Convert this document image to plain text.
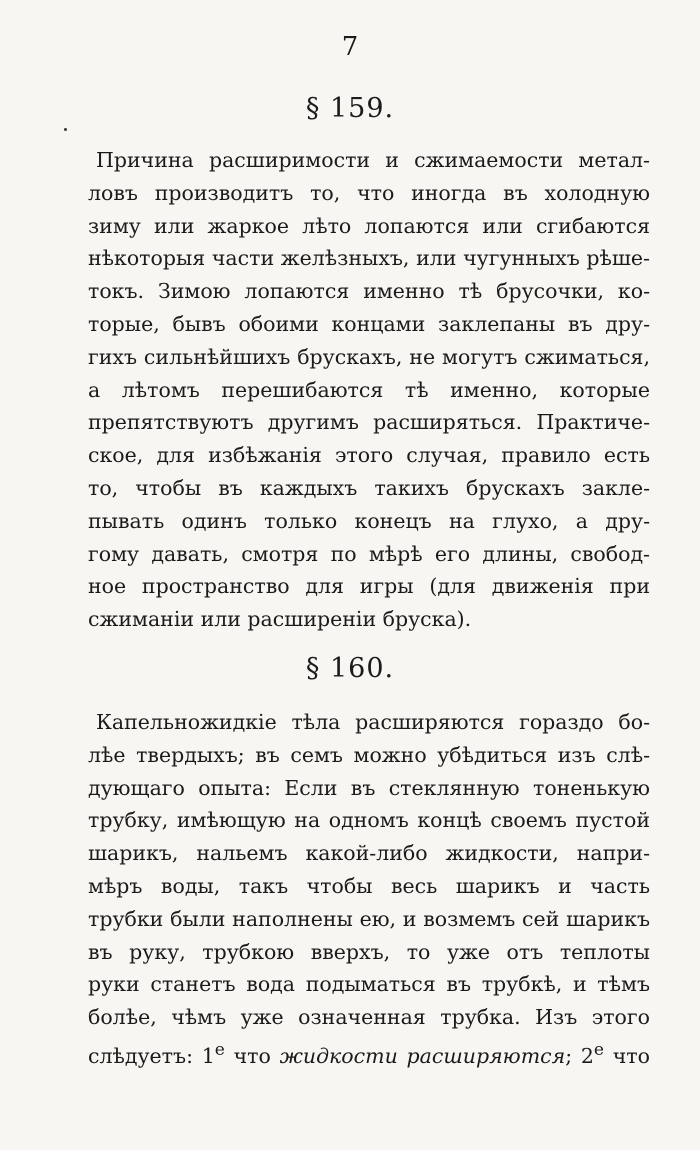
7
§ 159.
Причина расширимости и сжимаемости метал-
ловъ производитъ то, что иногда въ холодную
зиму или жаркое лѣто лопаются или сгибаются
нѣкоторыя части желѣзныхъ, или чугунныхъ рѣше-
токъ. Зимою лопаются именно тѣ брусочки, ко-
торые, бывъ обоими концами заклепаны въ дру-
гихъ сильнѣйшихъ брускахъ, не могутъ сжиматься,
а лѣтомъ перешибаются тѣ именно, которые
препятствуютъ другимъ расширяться. Практиче-
ское, для избѣжанія этого случая, правило есть
то, чтобы въ каждыхъ такихъ брускахъ закле-
пывать одинъ только конецъ на глухо, а дру-
гому давать, смотря по мѣрѣ его длины, свобод-
ное пространство для игры (для движенія при
сжиманіи или расширеніи бруска).
§ 160.
Капельножидкіе тѣла расширяются гораздо бо-
лѣе твердыхъ; въ семъ можно убѣдиться изъ слѣ-
дующаго опыта: Если въ стеклянную тоненькую
трубку, имѣющую на одномъ концѣ своемъ пустой
шарикъ, нальемъ какой-либо жидкости, напри-
мѣръ воды, такъ чтобы весь шарикъ и часть
трубки были наполнены ею, и возмемъ сей шарикъ
въ руку, трубкою вверхъ, то уже отъ теплоты
руки станетъ вода подыматься въ трубкѣ, и тѣмъ
болѣе, чѣмъ уже означенная трубка. Изъ этого
слѣдуетъ: $1^е$ что жидкости расширяются; $2^е$ что
